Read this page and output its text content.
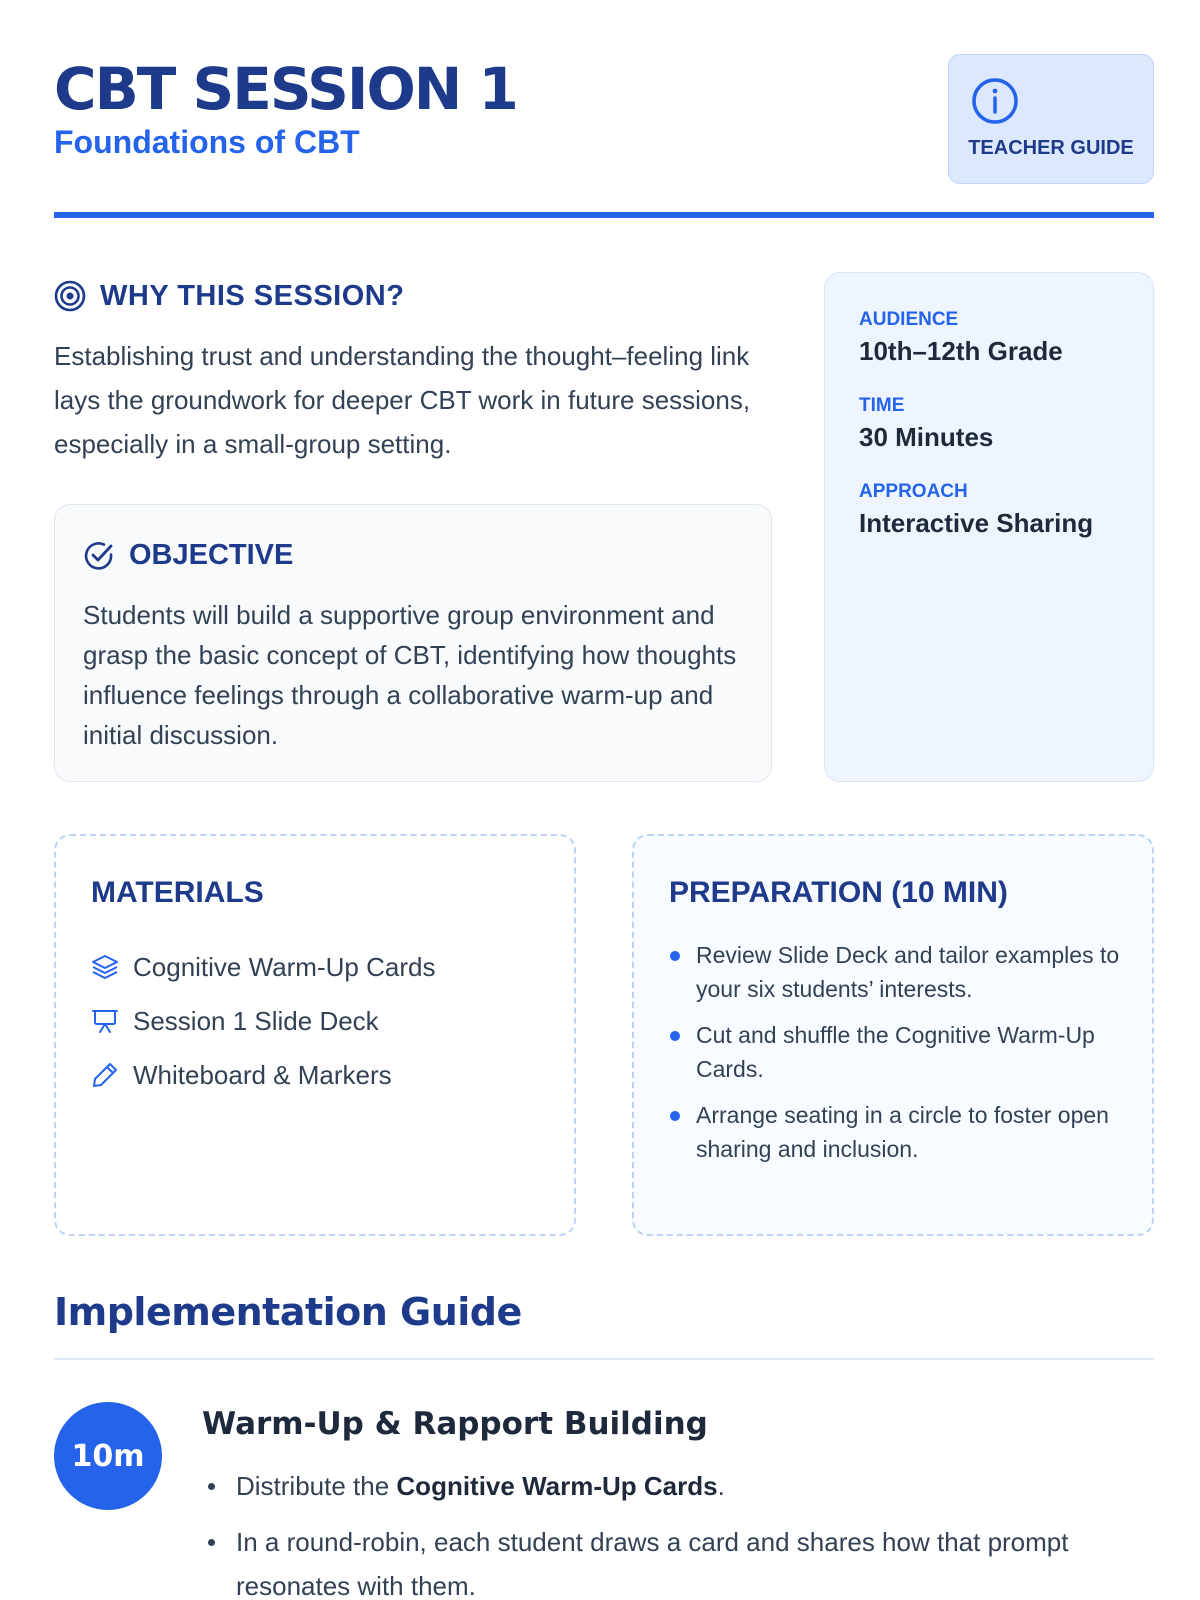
CBT SESSION 1
Foundations of CBT	TEACHER GUIDE
WHY THIS SESSION?

Establishing trust and understanding the thought–feeling link lays the groundwork for deeper CBT work in future sessions, especially in a small-group setting.

OBJECTIVE

Students will build a supportive group environment and grasp the basic concept of CBT, identifying how thoughts influence feelings through a collaborative warm-up and initial discussion.

AUDIENCE
10th–12th Grade
TIME
30 Minutes
APPROACH
Interactive Sharing
MATERIALS
Cognitive Warm-Up Cards
Session 1 Slide Deck
Whiteboard & Markers
PREPARATION (10 MIN)
Review Slide Deck and tailor examples to your six students’ interests.
Cut and shuffle the Cognitive Warm-Up Cards.
Arrange seating in a circle to foster open sharing and inclusion.
Implementation Guide
10m
Warm-Up & Rapport Building
Distribute the Cognitive Warm-Up Cards.
In a round-robin, each student draws a card and shares how that prompt resonates with them.
